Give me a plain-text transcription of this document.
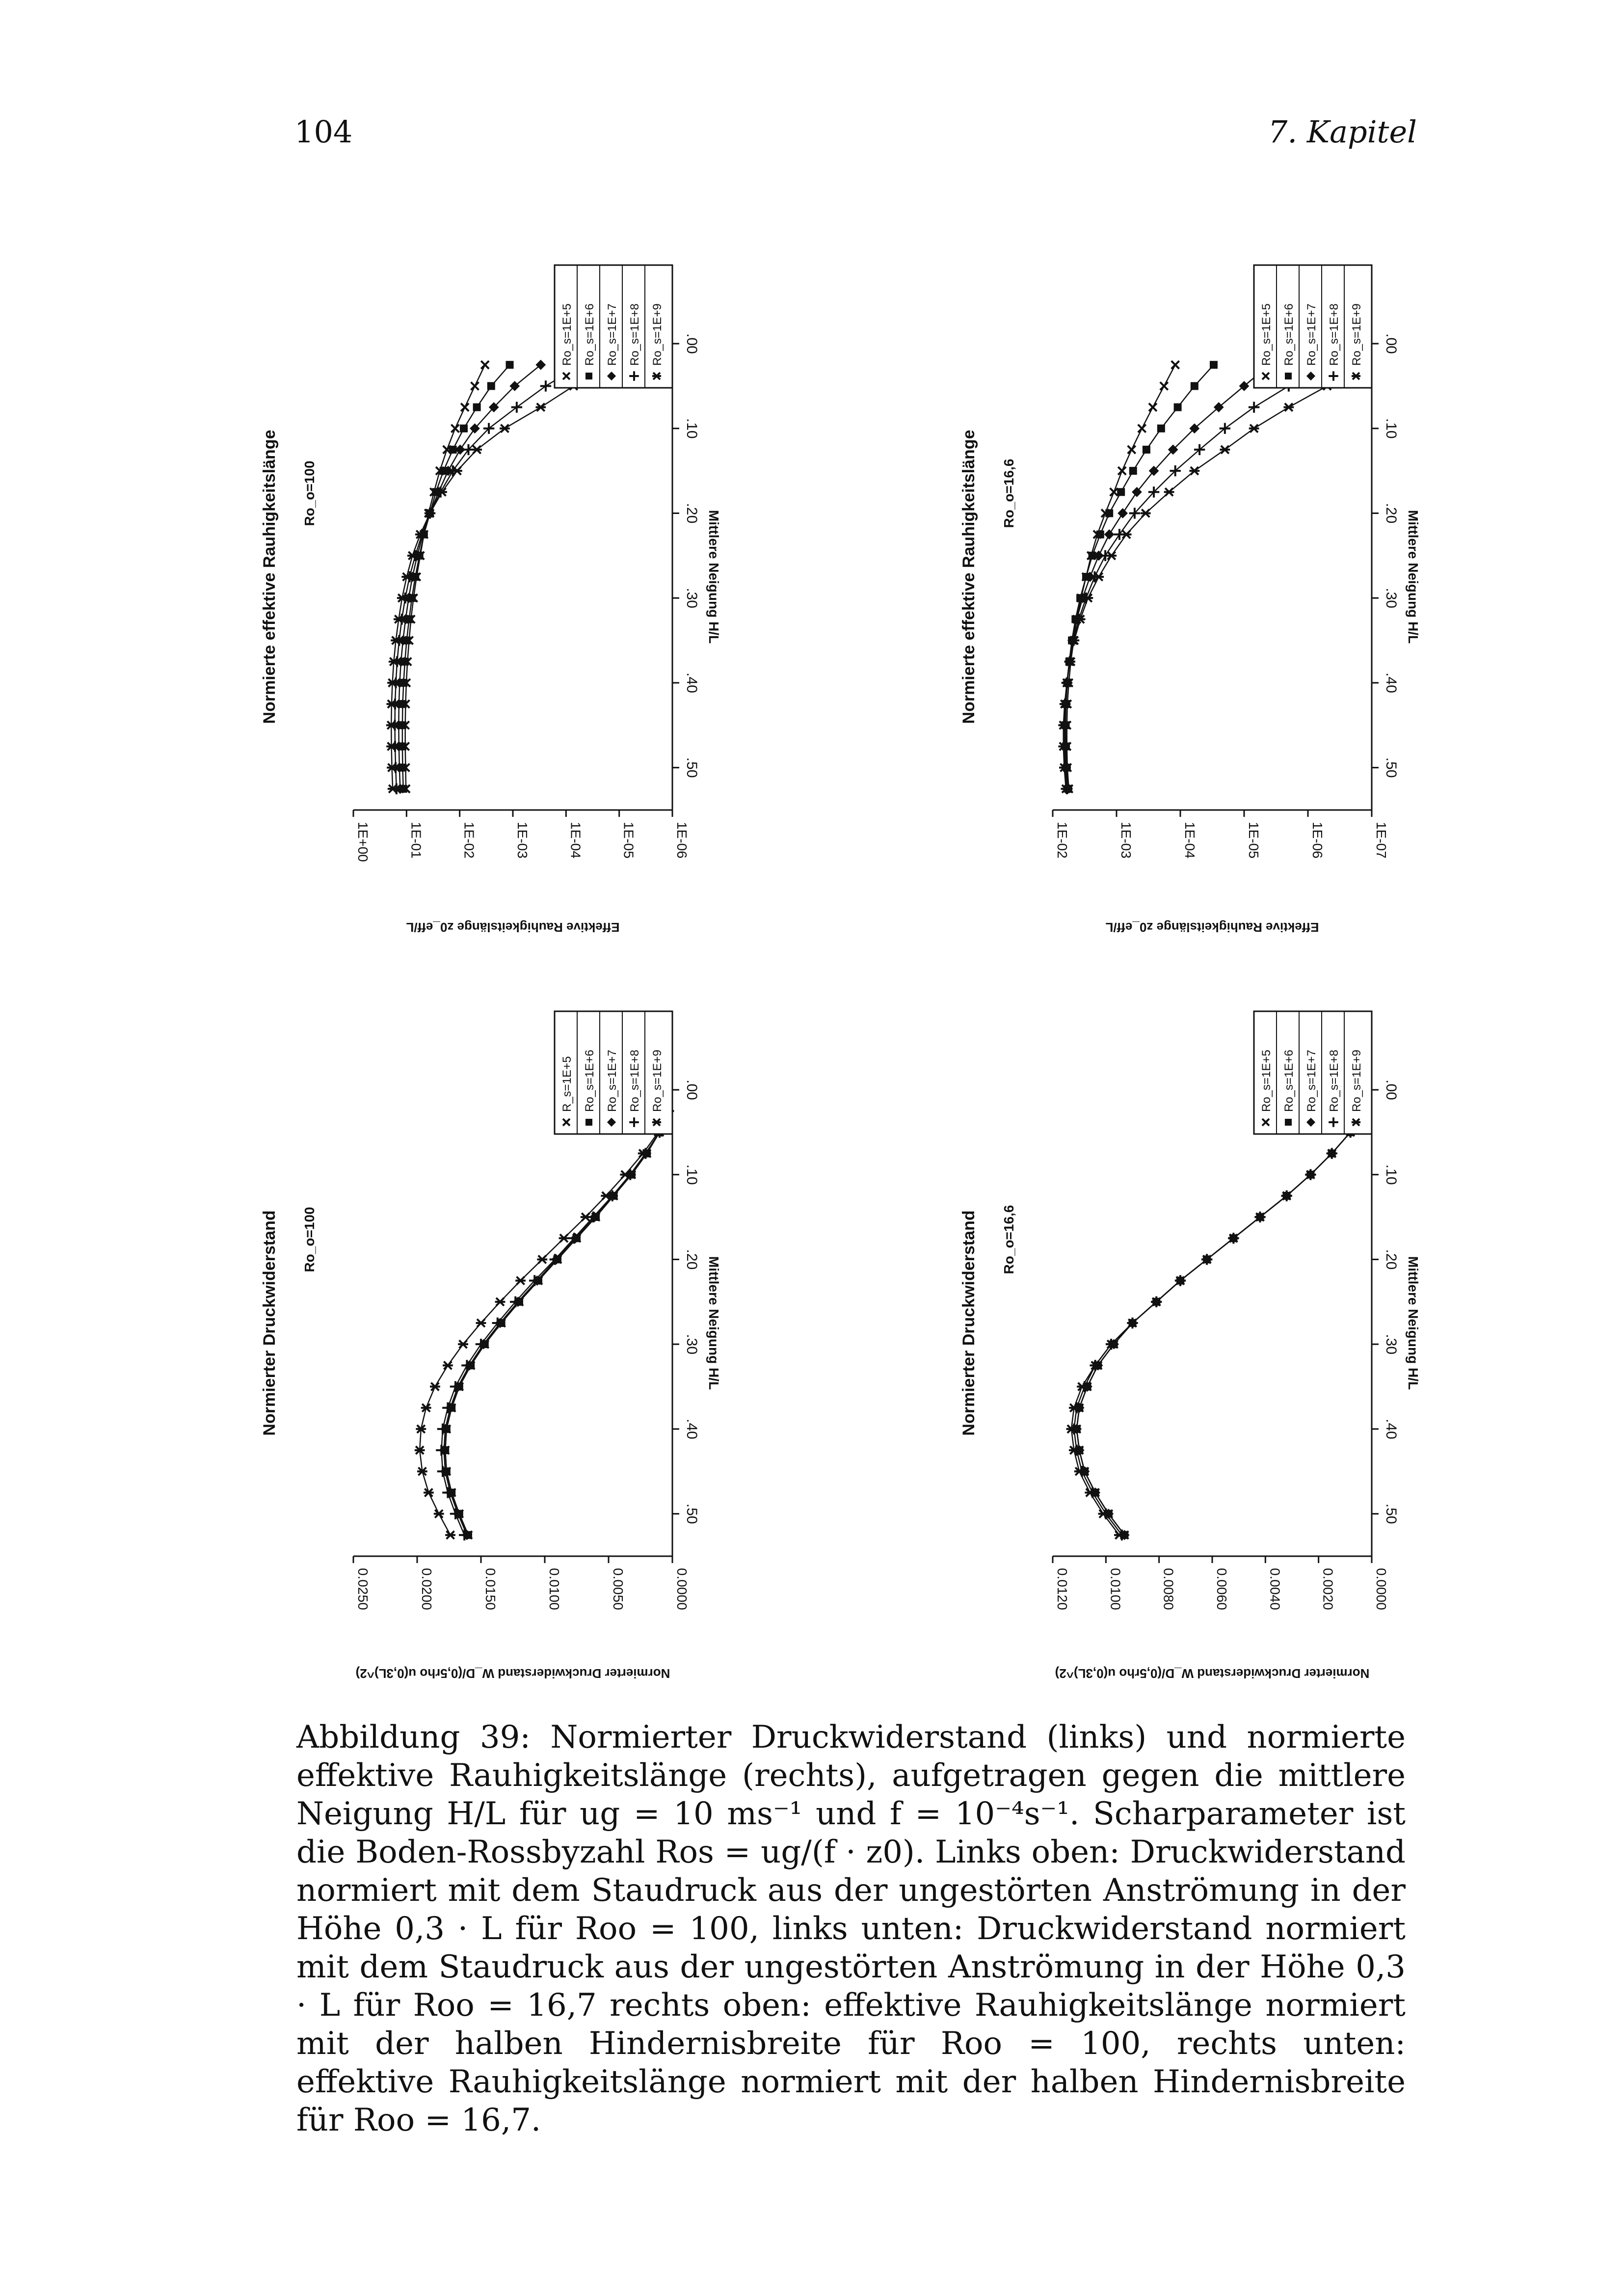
104	7. Kapitel
.00
.10
.20
.30
.40
.50
Mittlere Neigung H/L
1E+00	1E-01	1E-02	1E-03	1E-04	1E-05	1E-06
Effektive Rauhigkeitslänge z0_eff/L
Normierte effektive Rauhigkeitslänge Ro_o=100
Ro_s=1E+5 Ro_s=1E+6 Ro_s=1E+7 Ro_s=1E+8 Ro_s=1E+9	.00
.10
.20
.30
.40
.50
Mittlere Neigung H/L
1E-02	1E-03	1E-04	1E-05	1E-06	1E-07
Effektive Rauhigkeitslänge z0_eff/L
Normierte effektive Rauhigkeitslänge Ro_o=16,6
Ro_s=1E+5 Ro_s=1E+6 Ro_s=1E+7 Ro_s=1E+8 Ro_s=1E+9
.00
.10
.20
.30
.40
.50
Mittlere Neigung H/L
0.0250	0.0200	0.0150	0.0100	0.0050	0.0000
Normierter Druckwiderstand W_D/(0,5rho u(0,3L)^2)
Normierter Druckwiderstand Ro_o=100
R_s=1E+5 Ro_s=1E+6 Ro_s=1E+7 Ro_s=1E+8 Ro_s=1E+9	.00
.10
.20
.30
.40
.50
Mittlere Neigung H/L
0.0120	0.0100	0.0080	0.0060	0.0040	0.0020	0.0000
Normierter Druckwiderstand W_D/(0,5rho u(0,3L)^2)
Normierter Druckwiderstand Ro_o=16,6
Ro_s=1E+5 Ro_s=1E+6 Ro_s=1E+7 Ro_s=1E+8 Ro_s=1E+9
Abbildung 39: Normierter Druckwiderstand (links) und normierte effektive Rauhigkeitslänge (rechts), aufgetragen gegen die mittlere Neigung H/L für ug = 10 ms⁻¹ und f = 10⁻⁴s⁻¹. Scharparameter ist die Boden-Rossbyzahl Ros = ug/(f · z0). Links oben: Druckwiderstand normiert mit dem Staudruck aus der ungestörten Anströmung in der Höhe 0,3 · L für Roo = 100, links unten: Druckwiderstand normiert mit dem Staudruck aus der ungestörten Anströmung in der Höhe 0,3 · L für Roo = 16,7 rechts oben: effektive Rauhigkeitslänge normiert mit der halben Hindernisbreite für Roo = 100, rechts unten: effektive Rauhigkeitslänge normiert mit der halben Hindernisbreite für Roo = 16,7.
